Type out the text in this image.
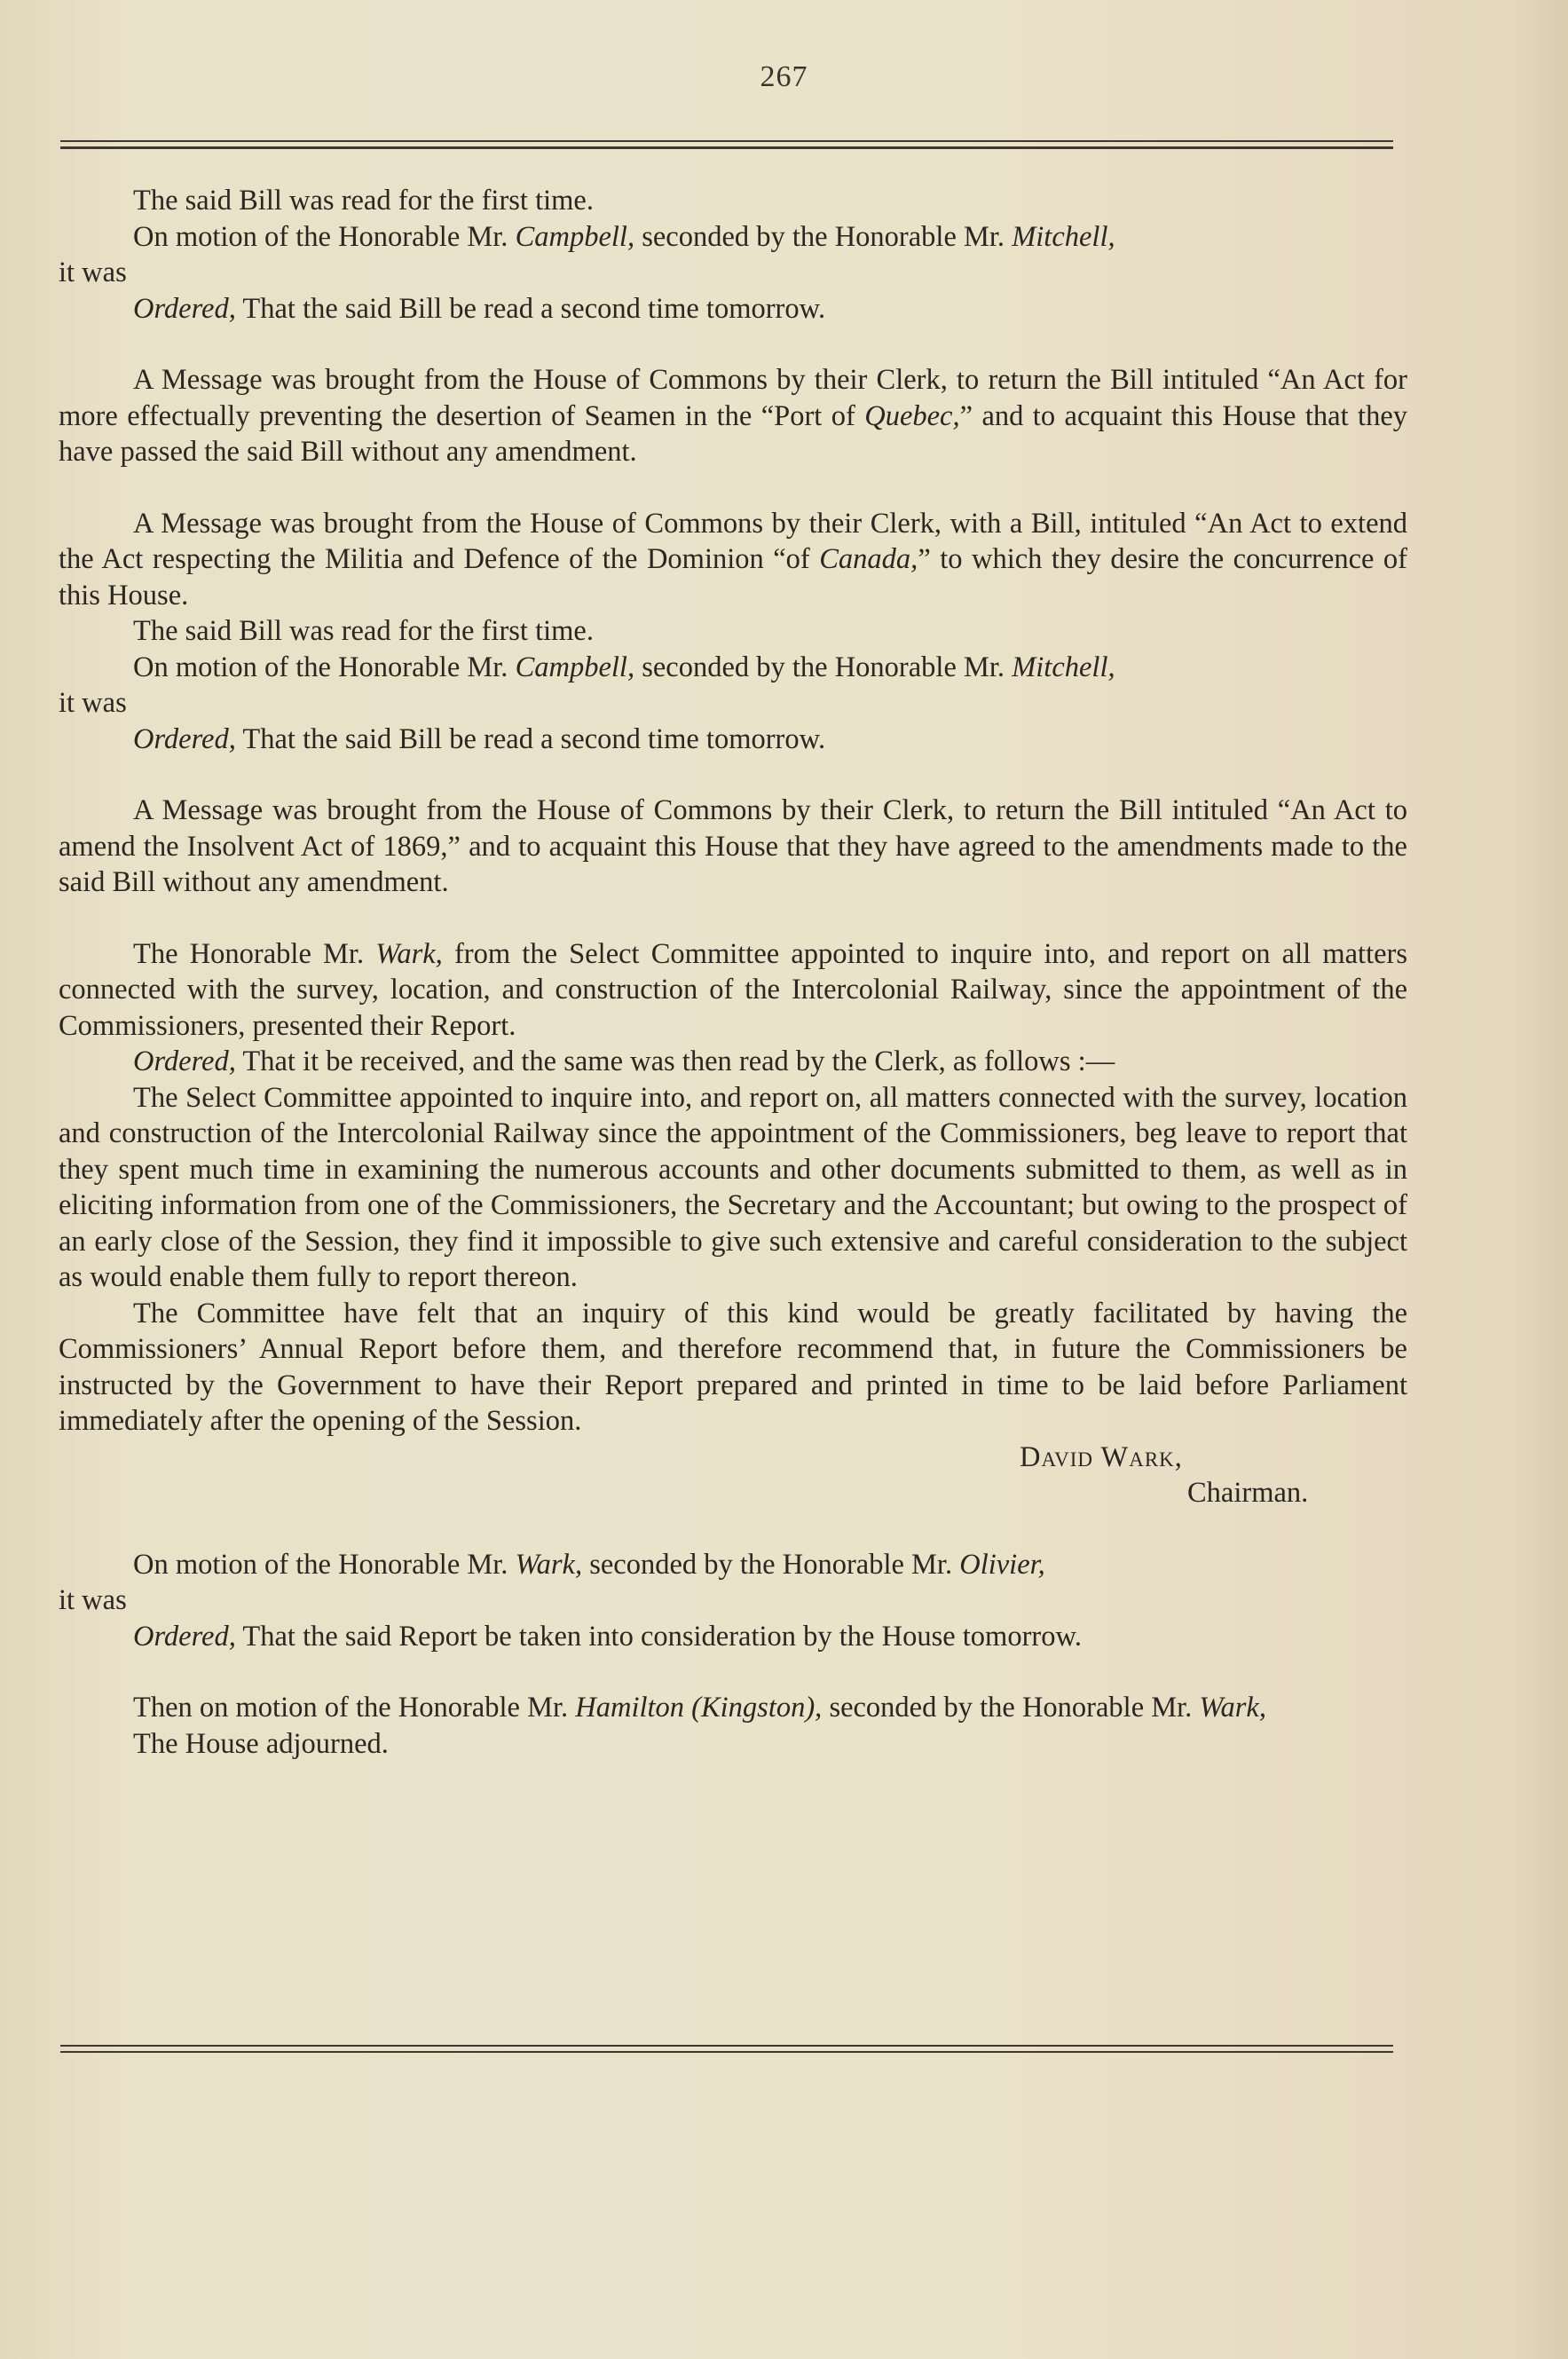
267

The said Bill was read for the first time.

On motion of the Honorable Mr. Campbell, seconded by the Honorable Mr. Mitchell,

it was

Ordered, That the said Bill be read a second time tomorrow.

A Message was brought from the House of Commons by their Clerk, to return the Bill intituled “An Act for more effectually preventing the desertion of Seamen in the “Port of Quebec,” and to acquaint this House that they have passed the said Bill without any amendment.

A Message was brought from the House of Commons by their Clerk, with a Bill, intituled “An Act to extend the Act respecting the Militia and Defence of the Dominion “of Canada,” to which they desire the concurrence of this House.

The said Bill was read for the first time.

On motion of the Honorable Mr. Campbell, seconded by the Honorable Mr. Mitchell,

it was

Ordered, That the said Bill be read a second time tomorrow.

A Message was brought from the House of Commons by their Clerk, to return the Bill intituled “An Act to amend the Insolvent Act of 1869,” and to acquaint this House that they have agreed to the amendments made to the said Bill without any amendment.

The Honorable Mr. Wark, from the Select Committee appointed to inquire into, and report on all matters connected with the survey, location, and construction of the Intercolonial Railway, since the appointment of the Commissioners, presented their Report.

Ordered, That it be received, and the same was then read by the Clerk, as follows :—

The Select Committee appointed to inquire into, and report on, all matters connected with the survey, location and construction of the Intercolonial Railway since the appointment of the Commissioners, beg leave to report that they spent much time in examining the numerous accounts and other documents submitted to them, as well as in eliciting information from one of the Commissioners, the Secretary and the Accountant; but owing to the prospect of an early close of the Session, they find it impossible to give such extensive and careful consideration to the subject as would enable them fully to report thereon.

The Committee have felt that an inquiry of this kind would be greatly facilitated by having the Commissioners’ Annual Report before them, and therefore recommend that, in future the Commissioners be instructed by the Government to have their Report prepared and printed in time to be laid before Parliament immediately after the opening of the Session.

David Wark,

Chairman.

On motion of the Honorable Mr. Wark, seconded by the Honorable Mr. Olivier,

it was

Ordered, That the said Report be taken into consideration by the House tomorrow.

Then on motion of the Honorable Mr. Hamilton (Kingston), seconded by the Honorable Mr. Wark,

The House adjourned.
